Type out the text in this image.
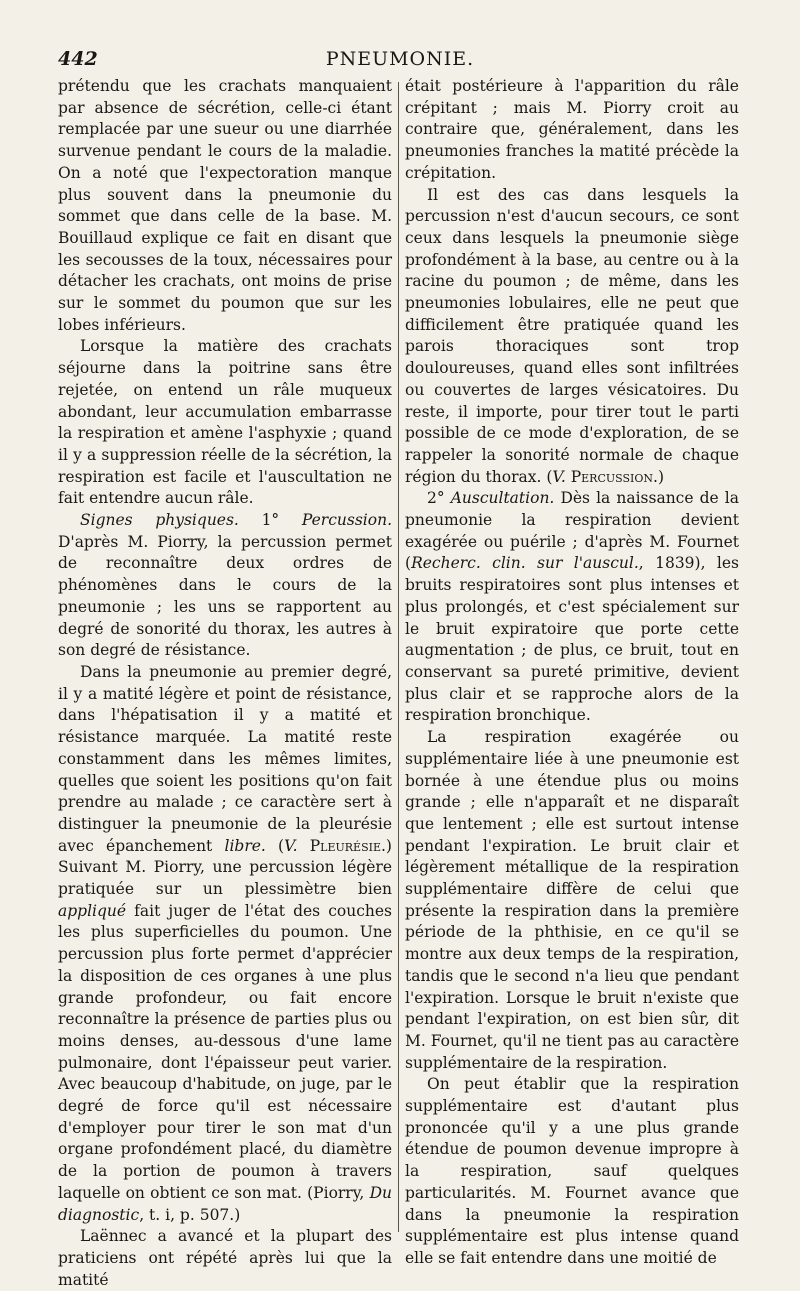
442	PNEUMONIE.

prétendu que les crachats manquaient par absence de sécrétion, celle-ci étant remplacée par une sueur ou une diarrhée survenue pendant le cours de la maladie. On a noté que l'expectoration manque plus souvent dans la pneumonie du sommet que dans celle de la base. M. Bouillaud explique ce fait en disant que les secousses de la toux, nécessaires pour détacher les crachats, ont moins de prise sur le sommet du poumon que sur les lobes inférieurs.

Lorsque la matière des crachats séjourne dans la poitrine sans être rejetée, on entend un râle muqueux abondant, leur accumulation embarrasse la respiration et amène l'asphyxie ; quand il y a suppression réelle de la sécrétion, la respiration est facile et l'auscultation ne fait entendre aucun râle.

Signes physiques. 1° Percussion. D'après M. Piorry, la percussion permet de reconnaître deux ordres de phénomènes dans le cours de la pneumonie ; les uns se rapportent au degré de sonorité du thorax, les autres à son degré de résistance.

Dans la pneumonie au premier degré, il y a matité légère et point de résistance, dans l'hépatisation il y a matité et résistance marquée. La matité reste constamment dans les mêmes limites, quelles que soient les positions qu'on fait prendre au malade ; ce caractère sert à distinguer la pneumonie de la pleurésie avec épanchement libre. (V. Pleurésie.) Suivant M. Piorry, une percussion légère pratiquée sur un plessimètre bien appliqué fait juger de l'état des couches les plus superficielles du poumon. Une percussion plus forte permet d'apprécier la disposition de ces organes à une plus grande profondeur, ou fait encore reconnaître la présence de parties plus ou moins denses, au-dessous d'une lame pulmonaire, dont l'épaisseur peut varier. Avec beaucoup d'habitude, on juge, par le degré de force qu'il est nécessaire d'employer pour tirer le son mat d'un organe profondément placé, du diamètre de la portion de poumon à travers laquelle on obtient ce son mat. (Piorry, Du diagnostic, t. i, p. 507.)

Laënnec a avancé et la plupart des praticiens ont répété après lui que la matité

était postérieure à l'apparition du râle crépitant ; mais M. Piorry croit au contraire que, généralement, dans les pneumonies franches la matité précède la crépitation.

Il est des cas dans lesquels la percussion n'est d'aucun secours, ce sont ceux dans lesquels la pneumonie siège profondément à la base, au centre ou à la racine du poumon ; de même, dans les pneumonies lobulaires, elle ne peut que difficilement être pratiquée quand les parois thoraciques sont trop douloureuses, quand elles sont infiltrées ou couvertes de larges vésicatoires. Du reste, il importe, pour tirer tout le parti possible de ce mode d'exploration, de se rappeler la sonorité normale de chaque région du thorax. (V. Percussion.)

2° Auscultation. Dès la naissance de la pneumonie la respiration devient exagérée ou puérile ; d'après M. Fournet (Recherc. clin. sur l'auscul., 1839), les bruits respiratoires sont plus intenses et plus prolongés, et c'est spécialement sur le bruit expiratoire que porte cette augmentation ; de plus, ce bruit, tout en conservant sa pureté primitive, devient plus clair et se rapproche alors de la respiration bronchique.

La respiration exagérée ou supplémentaire liée à une pneumonie est bornée à une étendue plus ou moins grande ; elle n'apparaît et ne disparaît que lentement ; elle est surtout intense pendant l'expiration. Le bruit clair et légèrement métallique de la respiration supplémentaire diffère de celui que présente la respiration dans la première période de la phthisie, en ce qu'il se montre aux deux temps de la respiration, tandis que le second n'a lieu que pendant l'expiration. Lorsque le bruit n'existe que pendant l'expiration, on est bien sûr, dit M. Fournet, qu'il ne tient pas au caractère supplémentaire de la respiration.

On peut établir que la respiration supplémentaire est d'autant plus prononcée qu'il y a une plus grande étendue de poumon devenue impropre à la respiration, sauf quelques particularités. M. Fournet avance que dans la pneumonie la respiration supplémentaire est plus intense quand elle se fait entendre dans une moitié de
